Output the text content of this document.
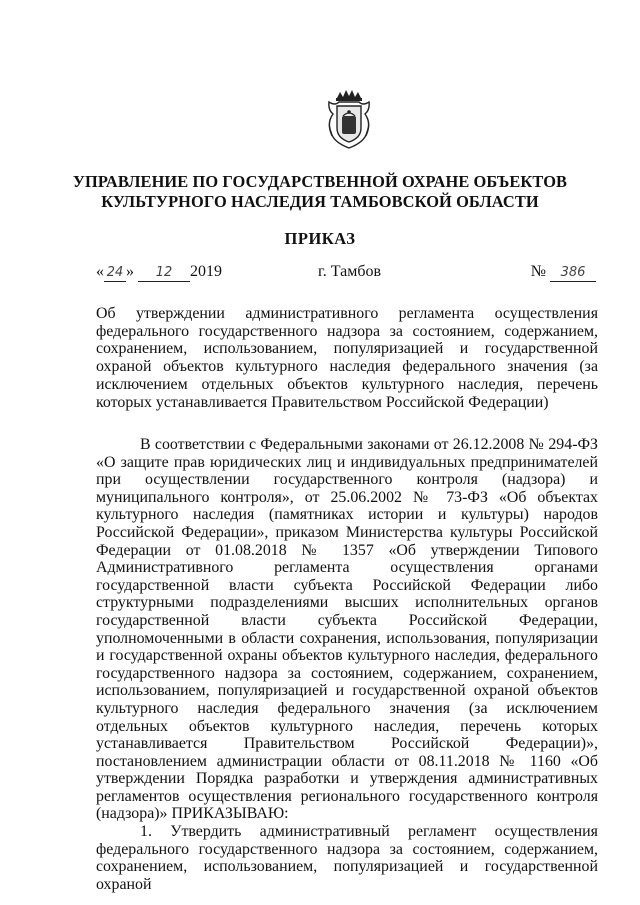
УПРАВЛЕНИЕ ПО ГОСУДАРСТВЕННОЙ ОХРАНЕ ОБЪЕКТОВ
КУЛЬТУРНОГО НАСЛЕДИЯ ТАМБОВСКОЙ ОБЛАСТИ
ПРИКАЗ
« 24 » 12 2019	г. Тамбов	№ 386
Об утверждении административного регламента осуществления федерального государственного надзора за состоянием, содержанием, сохранением, использованием, популяризацией и государственной охраной объектов культурного наследия федерального значения (за исключением отдельных объектов культурного наследия, перечень которых устанавливается Правительством Российской Федерации)

В соответствии с Федеральными законами от 26.12.2008 № 294-ФЗ «О защите прав юридических лиц и индивидуальных предпринимателей при осуществлении государственного контроля (надзора) и муниципального контроля», от 25.06.2002 № 73-ФЗ «Об объектах культурного наследия (памятниках истории и культуры) народов Российской Федерации», приказом Министерства культуры Российской Федерации от 01.08.2018 № 1357 «Об утверждении Типового Административного регламента осуществления органами государственной власти субъекта Российской Федерации либо структурными подразделениями высших исполнительных органов государственной власти субъекта Российской Федерации, уполномоченными в области сохранения, использования, популяризации и государственной охраны объектов культурного наследия, федерального государственного надзора за состоянием, содержанием, сохранением, использованием, популяризацией и государственной охраной объектов культурного наследия федерального значения (за исключением отдельных объектов культурного наследия, перечень которых устанавливается Правительством Российской Федерации)», постановлением администрации области от 08.11.2018 № 1160 «Об утверждении Порядка разработки и утверждения административных регламентов осуществления регионального государственного контроля (надзора)» ПРИКАЗЫВАЮ:

1. Утвердить административный регламент осуществления федерального государственного надзора за состоянием, содержанием, сохранением, использованием, популяризацией и государственной охраной
